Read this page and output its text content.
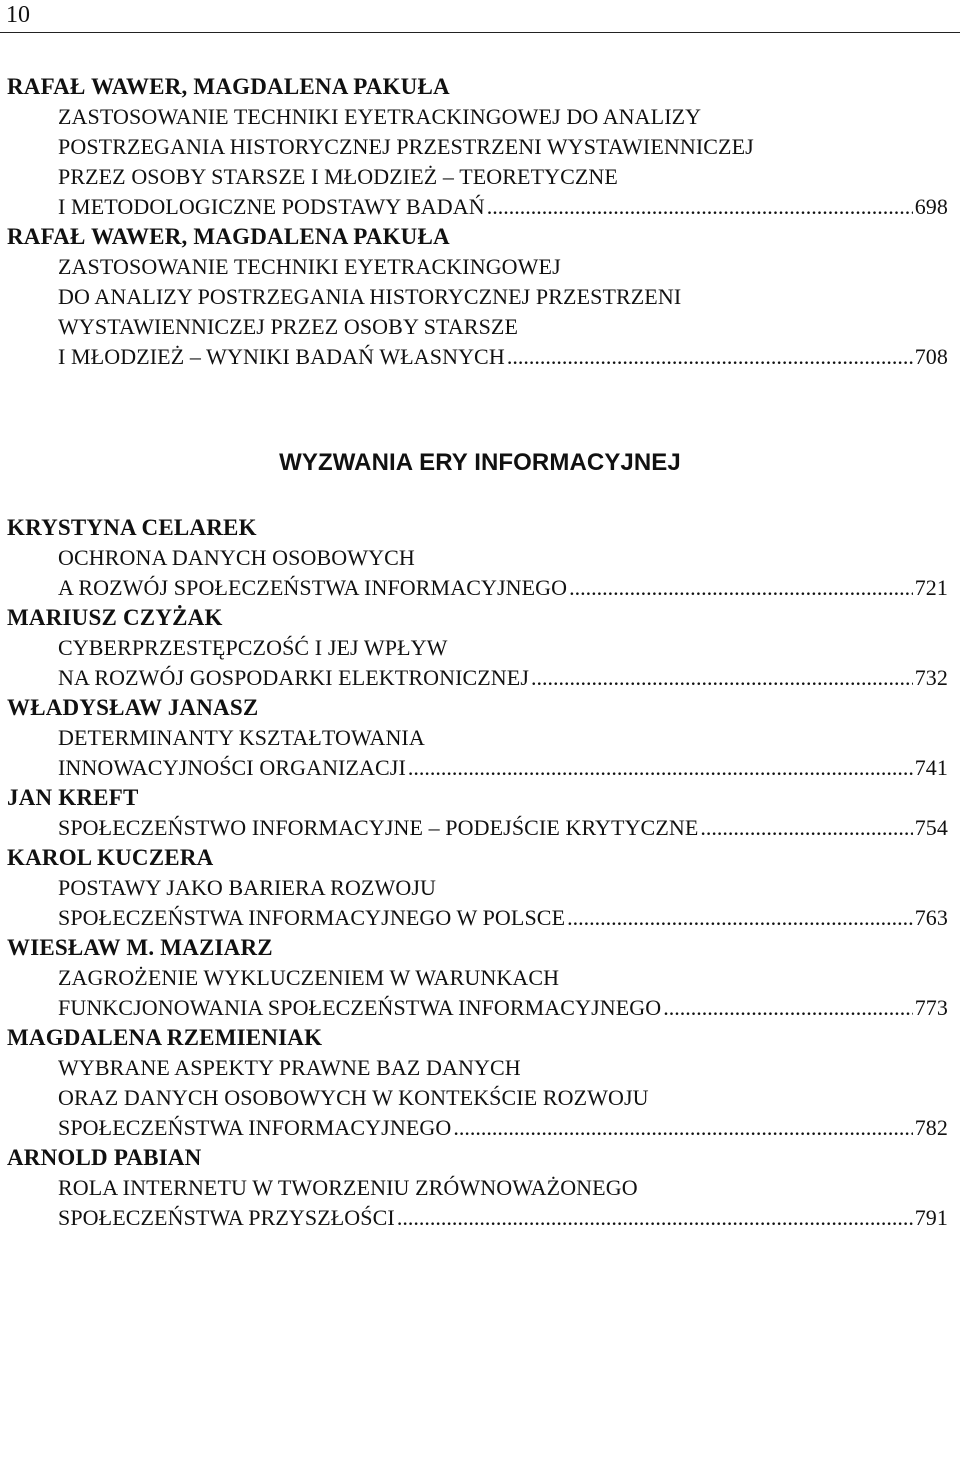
10
RAFAŁ WAWER, MAGDALENA PAKUŁA
ZASTOSOWANIE TECHNIKI EYETRACKINGOWEJ DO ANALIZY
POSTRZEGANIA HISTORYCZNEJ PRZESTRZENI WYSTAWIENNICZEJ
PRZEZ OSOBY STARSZE I MŁODZIEŻ – TEORETYCZNE
I METODOLOGICZNE PODSTAWY BADAŃ .....	698
RAFAŁ WAWER, MAGDALENA PAKUŁA
ZASTOSOWANIE TECHNIKI EYETRACKINGOWEJ
DO ANALIZY POSTRZEGANIA HISTORYCZNEJ PRZESTRZENI
WYSTAWIENNICZEJ PRZEZ OSOBY STARSZE
I MŁODZIEŻ – WYNIKI BADAŃ WŁASNYCH .....	708
WYZWANIA ERY INFORMACYJNEJ
KRYSTYNA CELAREK
OCHRONA DANYCH OSOBOWYCH
A ROZWÓJ SPOŁECZEŃSTWA INFORMACYJNEGO .....	721
MARIUSZ CZYŻAK
CYBERPRZESTĘPCZOŚĆ I JEJ WPŁYW
NA ROZWÓJ GOSPODARKI ELEKTRONICZNEJ .....	732
WŁADYSŁAW JANASZ
DETERMINANTY KSZTAŁTOWANIA
INNOWACYJNOŚCI ORGANIZACJI .....	741
JAN KREFT
SPOŁECZEŃSTWO INFORMACYJNE – PODEJŚCIE KRYTYCZNE .....	754
KAROL KUCZERA
POSTAWY JAKO BARIERA ROZWOJU
SPOŁECZEŃSTWA INFORMACYJNEGO W POLSCE .....	763
WIESŁAW M. MAZIARZ
ZAGROŻENIE WYKLUCZENIEM W WARUNKACH
FUNKCJONOWANIA SPOŁECZEŃSTWA INFORMACYJNEGO .....	773
MAGDALENA RZEMIENIAK
WYBRANE ASPEKTY PRAWNE BAZ DANYCH
ORAZ DANYCH OSOBOWYCH W KONTEKŚCIE ROZWOJU
SPOŁECZEŃSTWA INFORMACYJNEGO .....	782
ARNOLD PABIAN
ROLA INTERNETU W TWORZENIU ZRÓWNOWAŻONEGO
SPOŁECZEŃSTWA PRZYSZŁOŚCI .....	791
